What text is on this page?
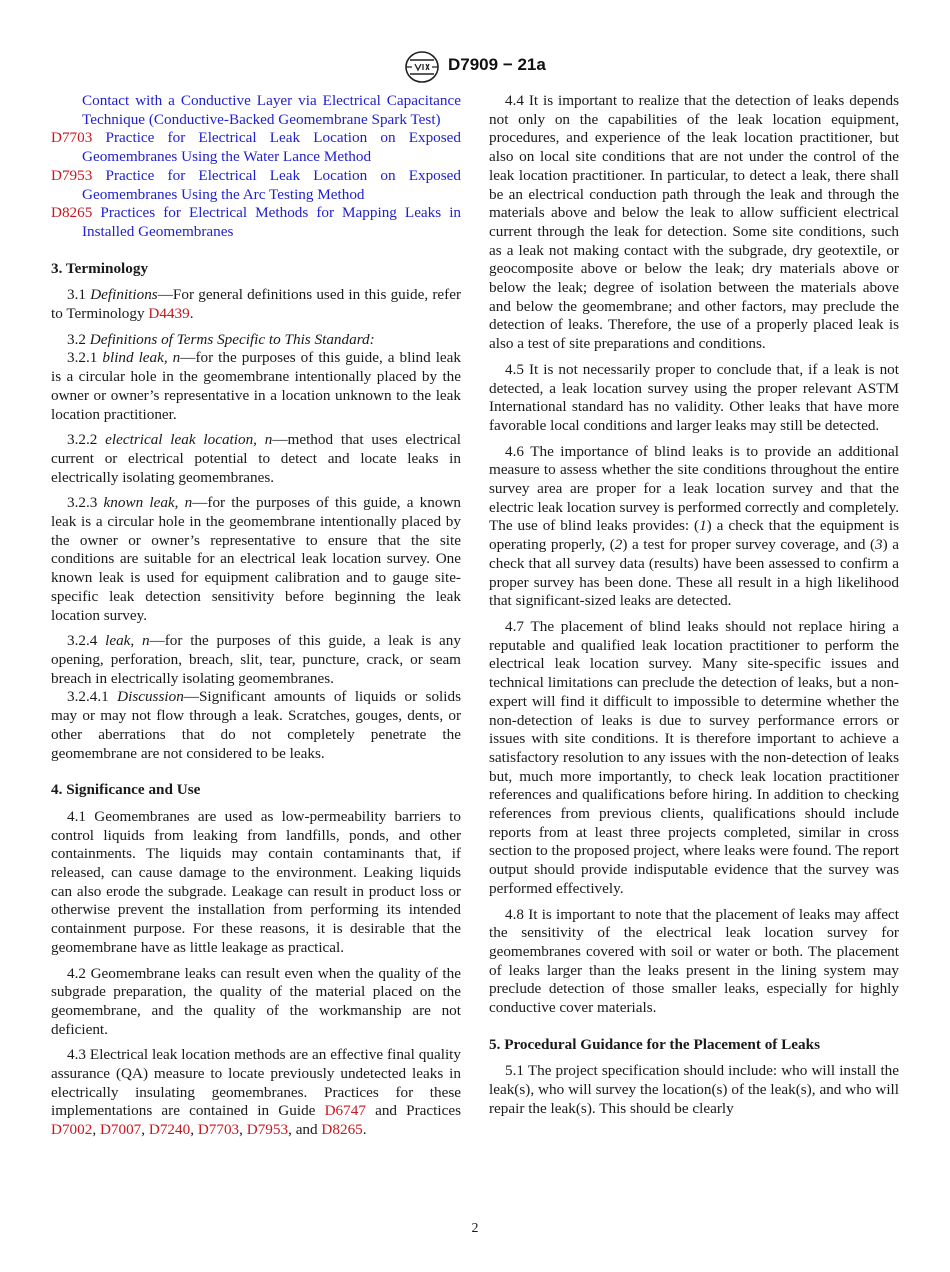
D7909 − 21a

Contact with a Conductive Layer via Electrical Capacitance Technique (Conductive-Backed Geomembrane Spark Test)

D7703 Practice for Electrical Leak Location on Exposed Geomembranes Using the Water Lance Method

D7953 Practice for Electrical Leak Location on Exposed Geomembranes Using the Arc Testing Method

D8265 Practices for Electrical Methods for Mapping Leaks in Installed Geomembranes

3. Terminology

3.1 Definitions—For general definitions used in this guide, refer to Terminology D4439.

3.2 Definitions of Terms Specific to This Standard:

3.2.1 blind leak, n—for the purposes of this guide, a blind leak is a circular hole in the geomembrane intentionally placed by the owner or owner’s representative in a location unknown to the leak location practitioner.

3.2.2 electrical leak location, n—method that uses electrical current or electrical potential to detect and locate leaks in electrically isolating geomembranes.

3.2.3 known leak, n—for the purposes of this guide, a known leak is a circular hole in the geomembrane intentionally placed by the owner or owner’s representative to ensure that the site conditions are suitable for an electrical leak location survey. One known leak is used for equipment calibration and to gauge site-specific leak detection sensitivity before beginning the leak location survey.

3.2.4 leak, n—for the purposes of this guide, a leak is any opening, perforation, breach, slit, tear, puncture, crack, or seam breach in electrically isolating geomembranes.

3.2.4.1 Discussion—Significant amounts of liquids or solids may or may not flow through a leak. Scratches, gouges, dents, or other aberrations that do not completely penetrate the geomembrane are not considered to be leaks.

4. Significance and Use

4.1 Geomembranes are used as low-permeability barriers to control liquids from leaking from landfills, ponds, and other containments. The liquids may contain contaminants that, if released, can cause damage to the environment. Leaking liquids can also erode the subgrade. Leakage can result in product loss or otherwise prevent the installation from performing its intended containment purpose. For these reasons, it is desirable that the geomembrane have as little leakage as practical.

4.2 Geomembrane leaks can result even when the quality of the subgrade preparation, the quality of the material placed on the geomembrane, and the quality of the workmanship are not deficient.

4.3 Electrical leak location methods are an effective final quality assurance (QA) measure to locate previously undetected leaks in electrically insulating geomembranes. Practices for these implementations are contained in Guide D6747 and Practices D7002, D7007, D7240, D7703, D7953, and D8265.

4.4 It is important to realize that the detection of leaks depends not only on the capabilities of the leak location equipment, procedures, and experience of the leak location practitioner, but also on local site conditions that are not under the control of the leak location practitioner. In particular, to detect a leak, there shall be an electrical conduction path through the leak and through the materials above and below the leak to allow sufficient electrical current through the leak for detection. Some site conditions, such as a leak not making contact with the subgrade, dry geotextile, or geocomposite above or below the leak; dry materials above or below the leak; degree of isolation between the materials above and below the geomembrane; and other factors, may preclude the detection of leaks. Therefore, the use of a properly placed leak is also a test of site preparations and conditions.

4.5 It is not necessarily proper to conclude that, if a leak is not detected, a leak location survey using the proper relevant ASTM International standard has no validity. Other leaks that have more favorable local conditions and larger leaks may still be detected.

4.6 The importance of blind leaks is to provide an additional measure to assess whether the site conditions throughout the entire survey area are proper for a leak location survey and that the electric leak location survey is performed correctly and completely. The use of blind leaks provides: (1) a check that the equipment is operating properly, (2) a test for proper survey coverage, and (3) a check that all survey data (results) have been assessed to confirm a proper survey has been done. These all result in a high likelihood that significant-sized leaks are detected.

4.7 The placement of blind leaks should not replace hiring a reputable and qualified leak location practitioner to perform the electrical leak location survey. Many site-specific issues and technical limitations can preclude the detection of leaks, but a non-expert will find it difficult to impossible to determine whether the non-detection of leaks is due to survey performance errors or issues with site conditions. It is therefore important to achieve a satisfactory resolution to any issues with the non-detection of leaks but, much more importantly, to check leak location practitioner references and qualifications before hiring. In addition to checking references from previous clients, qualifications should include reports from at least three projects completed, similar in cross section to the proposed project, where leaks were found. The report output should provide indisputable evidence that the survey was performed effectively.

4.8 It is important to note that the placement of leaks may affect the sensitivity of the electrical leak location survey for geomembranes covered with soil or water or both. The placement of leaks larger than the leaks present in the lining system may preclude detection of those smaller leaks, especially for highly conductive cover materials.

5. Procedural Guidance for the Placement of Leaks

5.1 The project specification should include: who will install the leak(s), who will survey the location(s) of the leak(s), and who will repair the leak(s). This should be clearly

2
